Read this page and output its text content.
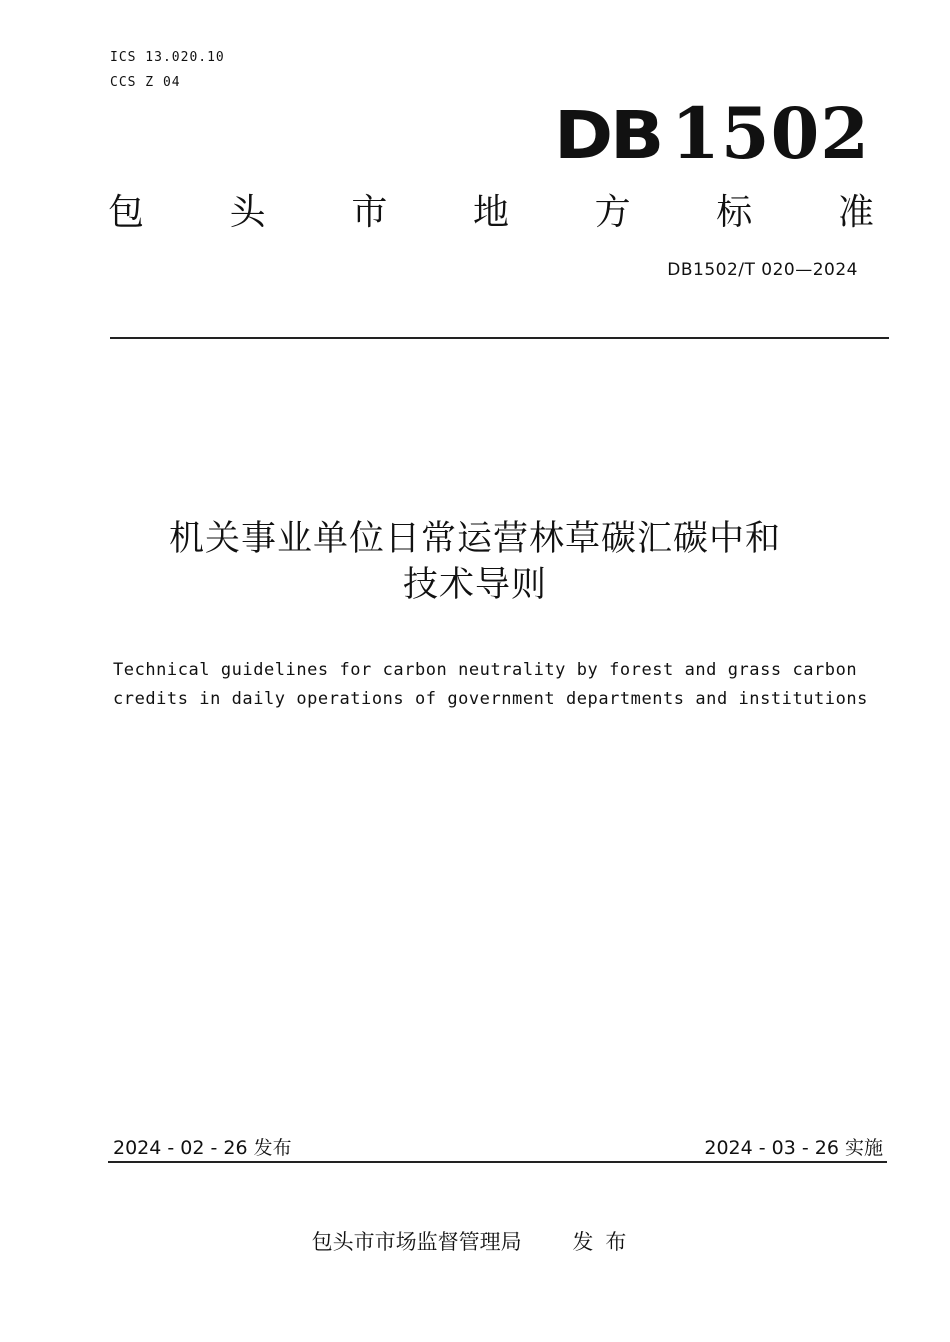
ICS 13.020.10
CCS Z 04
DB 1502
包 头 市 地 方 标 准
DB1502/T 020—2024
机关事业单位日常运营林草碳汇碳中和
技术导则
Technical guidelines for carbon neutrality by forest and grass carbon
credits in daily operations of government departments and institutions
2024 - 02 - 26 发布	2024 - 03 - 26 实施
包头市市场监督管理局 发布
